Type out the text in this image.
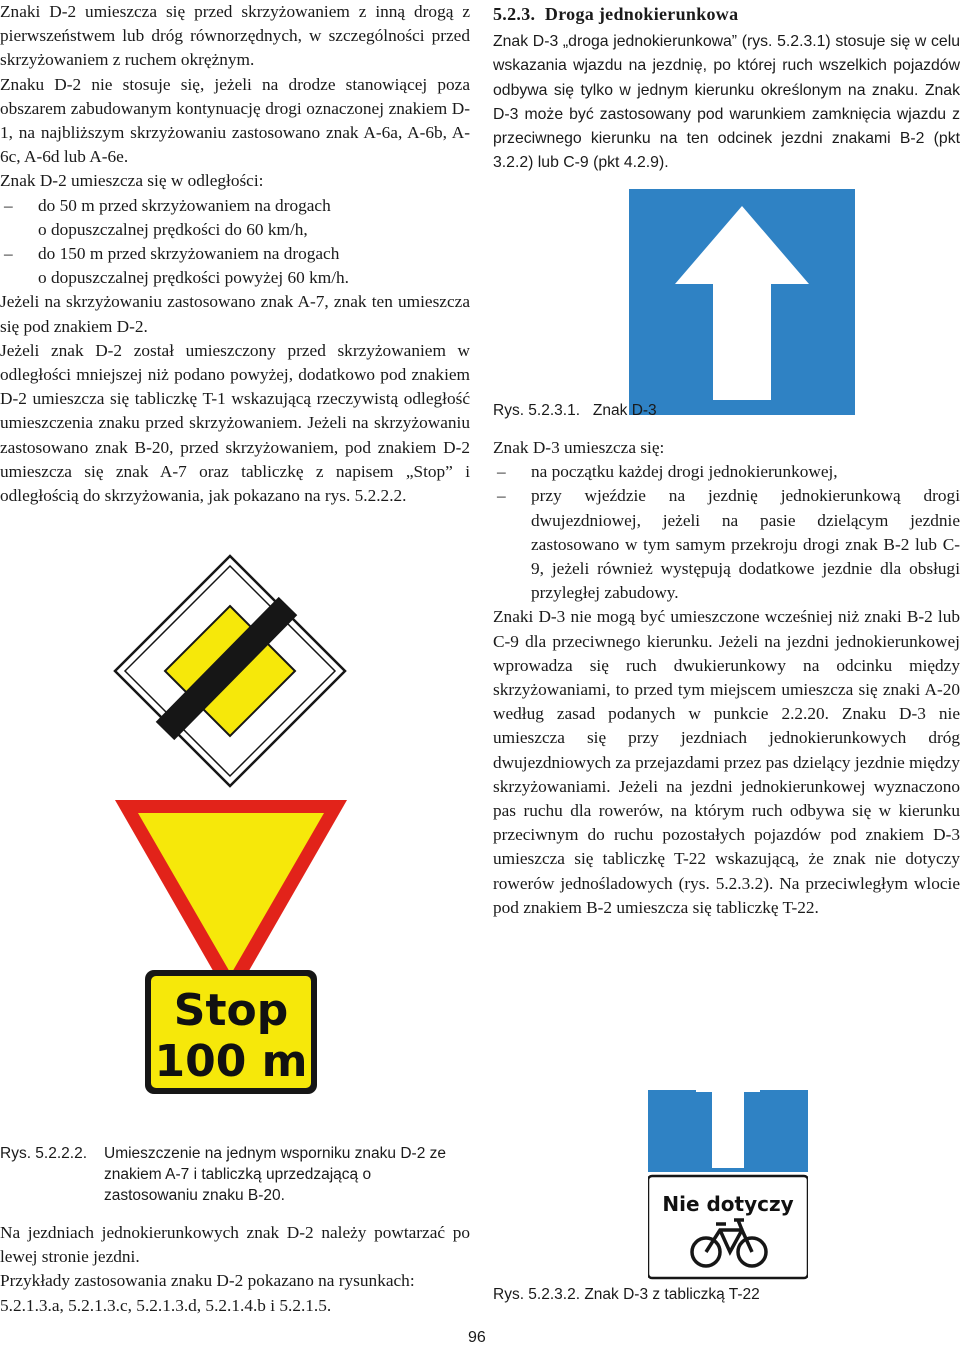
Znaki D-2 umieszcza się przed skrzyżowaniem z inną drogą z pierwszeństwem lub dróg równorzędnych, w szczególności przed skrzyżowaniem z ruchem okrężnym.

Znaku D-2 nie stosuje się, jeżeli na drodze stanowiącej poza obszarem zabudowanym kontynuację drogi oznaczonej znakiem D-1, na najbliższym skrzyżowaniu zastosowano znak A-6a, A-6b, A-6c, A-6d lub A-6e.

Znak D-2 umieszcza się w odległości:

– do 50 m przed skrzyżowaniem na drogach
o dopuszczalnej prędkości do 60 km/h,
– do 150 m przed skrzyżowaniem na drogach
o dopuszczalnej prędkości powyżej 60 km/h.

Jeżeli na skrzyżowaniu zastosowano znak A-7, znak ten umieszcza się pod znakiem D-2.

Jeżeli znak D-2 został umieszczony przed skrzyżowaniem w odległości mniejszej niż podano powyżej, dodatkowo pod znakiem D-2 umieszcza się tabliczkę T-1 wskazującą rzeczywistą odległość umieszczenia znaku przed skrzyżowaniem. Jeżeli na skrzyżowaniu zastosowano znak B-20, przed skrzyżowaniem, pod znakiem D-2 umieszcza się znak A-7 oraz tabliczkę z napisem „Stop” i odległością do skrzyżowania, jak pokazano na rys. 5.2.2.2.

Stop
100 m
Rys. 5.2.2.2. Umieszczenie na jednym wsporniku znaku D-2 ze znakiem A-7 i tabliczką uprzedzającą o zastosowaniu znaku B-20.

Na jezdniach jednokierunkowych znak D-2 należy powtarzać po lewej stronie jezdni.

Przykłady zastosowania znaku D-2 pokazano na rysunkach: 5.2.1.3.a, 5.2.1.3.c, 5.2.1.3.d, 5.2.1.4.b i 5.2.1.5.

5.2.3. Droga jednokierunkowa

Znak D-3 „droga jednokierunkowa” (rys. 5.2.3.1) stosuje się w celu wskazania wjazdu na jezdnię, po której ruch wszelkich pojazdów odbywa się tylko w jednym kierunku określonym na znaku. Znak D-3 może być zastosowany pod warunkiem zamknięcia wjazdu z przeciwnego kierunku na ten odcinek jezdni znakami B-2 (pkt 3.2.2) lub C-9 (pkt 4.2.9).

Rys. 5.2.3.1.   Znak D-3

Znak D-3 umieszcza się:

– na początku każdej drogi jednokierunkowej,
– przy wjeździe na jezdnię jednokierunkową drogi dwujezdniowej, jeżeli na pasie dzielącym jezdnie zastosowano w tym samym przekroju drogi znak B-2 lub C-9, jeżeli również występują dodatkowe jezdnie dla obsługi przyległej zabudowy.

Znaki D-3 nie mogą być umieszczone wcześniej niż znaki B-2 lub C-9 dla przeciwnego kierunku. Jeżeli na jezdni jednokierunkowej wprowadza się ruch dwukierunkowy na odcinku między skrzyżowaniami, to przed tym miejscem umieszcza się znaki A-20 według zasad podanych w punkcie 2.2.20. Znaku D-3 nie umieszcza się przy jezdniach jednokierunkowych dróg dwujezdniowych za przejazdami przez pas dzielący jezdnie między skrzyżowaniami. Jeżeli na jezdni jednokierunkowej wyznaczono pas ruchu dla rowerów, na którym ruch odbywa się w kierunku przeciwnym do ruchu pozostałych pojazdów pod znakiem D-3 umieszcza się tabliczkę T-22 wskazującą, że znak nie dotyczy rowerów jednośladowych (rys. 5.2.3.2). Na przeciwległym wlocie pod znakiem B-2 umieszcza się tabliczkę T-22.

Nie dotyczy
Rys. 5.2.3.2. Znak D-3 z tabliczką T-22
96
